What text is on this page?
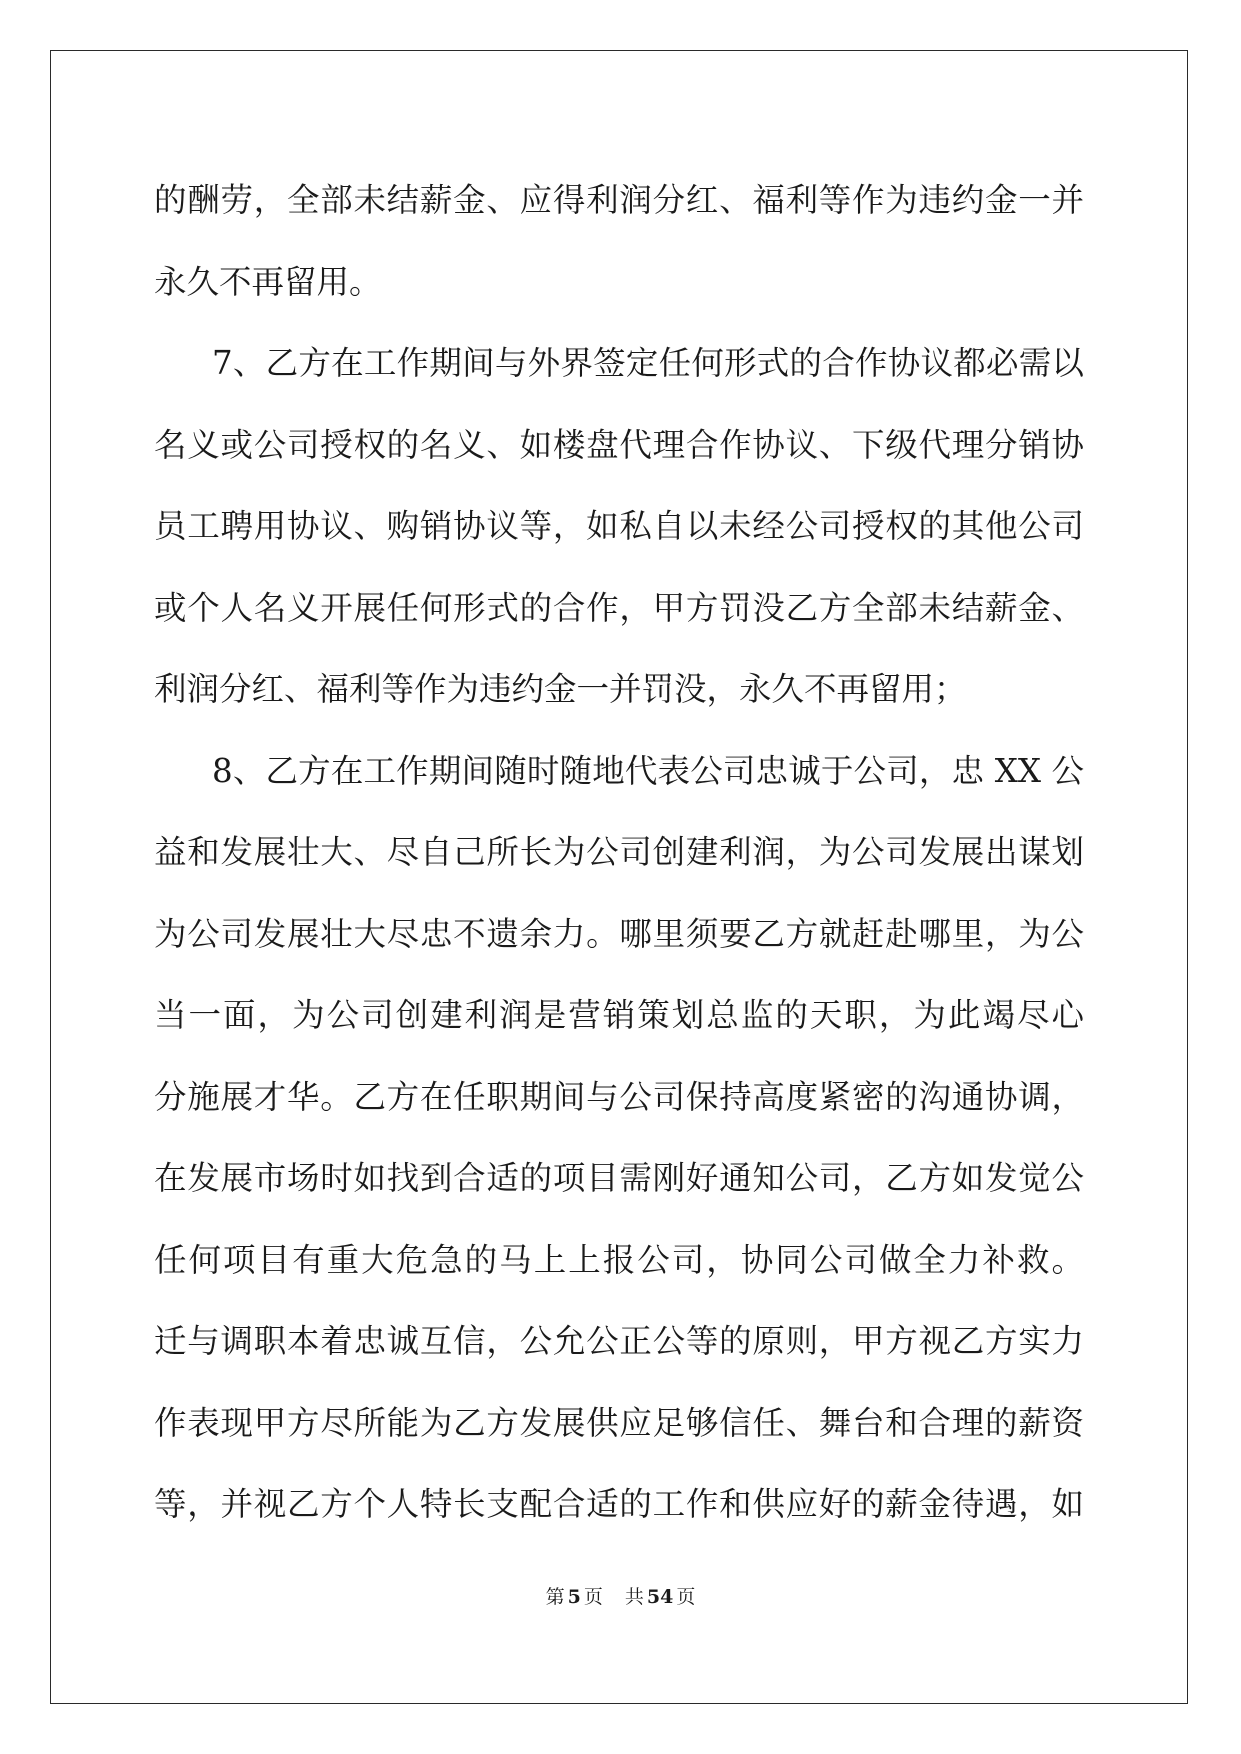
的酬劳，全部未结薪金、应得利润分红、福利等作为违约金一并
永久不再留用。
7、乙方在工作期间与外界签定任何形式的合作协议都必需以
名义或公司授权的名义、如楼盘代理合作协议、下级代理分销协
员工聘用协议、购销协议等，如私自以未经公司授权的其他公司
或个人名义开展任何形式的合作，甲方罚没乙方全部未结薪金、
利润分红、福利等作为违约金一并罚没，永久不再留用；
8、乙方在工作期间随时随地代表公司忠诚于公司，忠 XX 公
益和发展壮大、尽自己所长为公司创建利润，为公司发展出谋划
为公司发展壮大尽忠不遗余力。哪里须要乙方就赶赴哪里，为公
当一面，为公司创建利润是营销策划总监的天职，为此竭尽心
分施展才华。乙方在任职期间与公司保持高度紧密的沟通协调，
在发展市场时如找到合适的项目需刚好通知公司，乙方如发觉公
任何项目有重大危急的马上上报公司，协同公司做全力补救。
迁与调职本着忠诚互信，公允公正公等的原则，甲方视乙方实力
作表现甲方尽所能为乙方发展供应足够信任、舞台和合理的薪资
等，并视乙方个人特长支配合适的工作和供应好的薪金待遇，如
第 5 页 共 54 页
